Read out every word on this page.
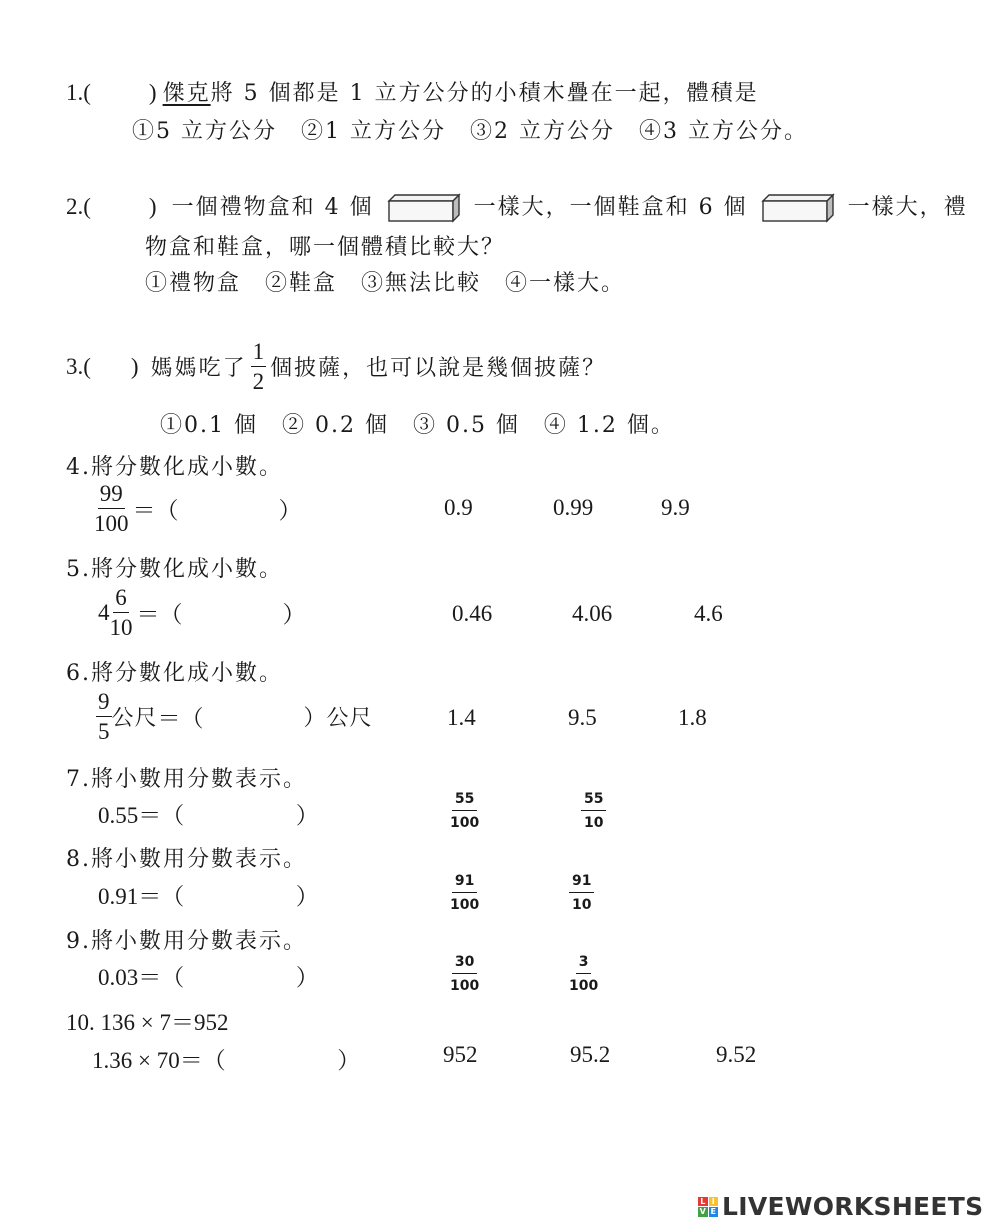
1.(	) 傑克將 5 個都是 1 立方公分的小積木疊在一起，體積是
①5 立方公分　②1 立方公分　③2 立方公分　④3 立方公分。
2.(	) 一個禮物盒和 4 個	一樣大，一個鞋盒和 6 個	一樣大，禮
物盒和鞋盒，哪一個體積比較大？
①禮物盒　②鞋盒　③無法比較　④一樣大。
3.( ) 媽媽吃了 $\frac{1}{2}$ 個披薩，也可以說是幾個披薩？
①0.1 個　② 0.2 個　③ 0.5 個　④ 1.2 個。
4.將分數化成小數。
$\frac{99}{100}$ ＝（	）	0.9	0.99	9.9
5.將分數化成小數。
$4 \frac{6}{10}$ ＝（	）	0.46	4.06	4.6
6.將分數化成小數。
$\frac{9}{5}$ 公尺 ＝（	）公尺	1.4	9.5	1.8
7.將小數用分數表示。
0.55＝（	）	$\frac{55}{100}$	$\frac{55}{10}$
8.將小數用分數表示。
0.91＝（	）	$\frac{91}{100}$	$\frac{91}{10}$
9.將小數用分數表示。
0.03＝（	）	$\frac{30}{100}$	$\frac{3}{100}$
10. 136 × 7＝952
1.36 × 70＝（	）	952	95.2	9.52
L I
V E LIVEWORKSHEETS
